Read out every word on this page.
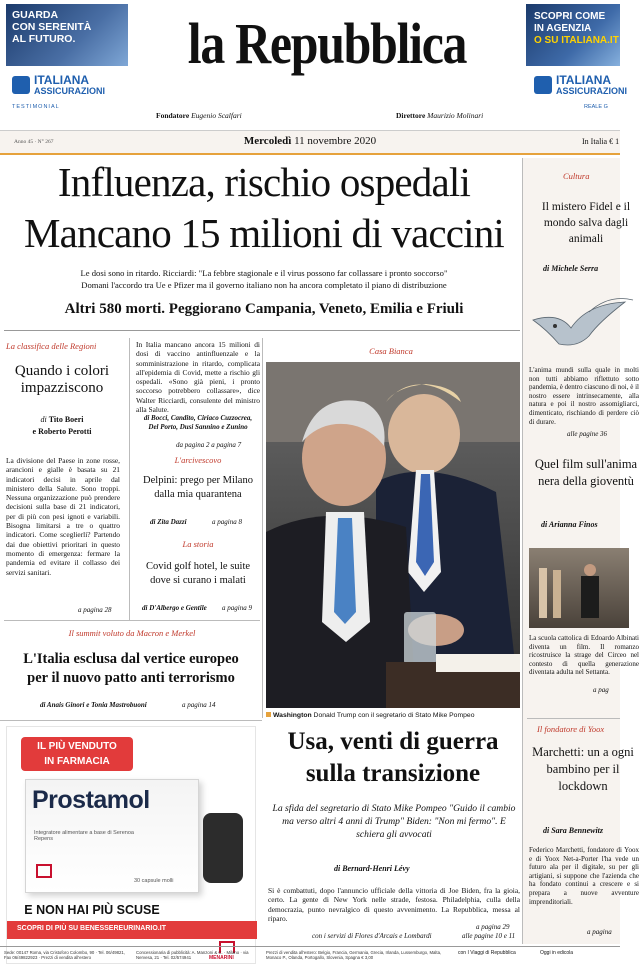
GUARDA
CON SERENITÀ
AL FUTURO.
ITALIANA
ASSICURAZIONI
TESTIMONIAL
SCOPRI COME
IN AGENZIA
O SU ITALIANA.IT
ITALIANA
ASSICURAZIONI
REALE G
la Repubblica
Fondatore Eugenio Scalfari	Direttore Maurizio Molinari
Anno 45 · N° 267	Mercoledì 11 novembre 2020	In Italia € 1
Influenza, rischio ospedali
Mancano 15 milioni di vaccini
Le dosi sono in ritardo. Ricciardi: "La febbre stagionale e il virus possono far collassare i pronto soccorso"
Domani l'accordo tra Ue e Pfizer ma il governo italiano non ha ancora completato il piano di distribuzione
Altri 580 morti. Peggiorano Campania, Veneto, Emilia e Friuli
La classifica delle Regioni
Quando i colori impazziscono
di Tito Boeri
e Roberto Perotti
La divisione del Paese in zone rosse, arancioni e gialle è basata su 21 indicatori decisi in aprile dal ministero della Salute. Sono troppi. Nessuna organizzazione può prendere decisioni sulla base di 21 indicatori, per di più con pesi ignoti e variabili. Bisogna limitarsi a tre o quattro indicatori. Come sceglierli? Partendo dai due obiettivi prioritari in questo momento di emergenza: fermare la pandemia ed evitare il collasso dei servizi sanitari.
a pagina 28
In Italia mancano ancora 15 milioni di dosi di vaccino antinfluenzale e la somministrazione in ritardo, complicata all'epidemia di Covid, mette a rischio gli ospedali. «Sono già pieni, i pronto soccorso potrebbero collassare», dice Walter Ricciardi, consulente del ministro alla Salute.
di Bocci, Candito, Ciriaco Cuzzocrea, Del Porto, Dusi Sannino e Zunino
da pagina 2 a pagina 7
L'arcivescovo
Delpini: prego per Milano dalla mia quarantena
di Zita Dazzi	a pagina 8
La storia
Covid golf hotel, le suite dove si curano i malati
di D'Albergo e Gentile a pagina 9
Il summit voluto da Macron e Merkel
L'Italia esclusa dal vertice europeo
per il nuovo patto anti terrorismo
di Anais Ginori e Tonia Mastrobuoni	a pagina 14
Casa Bianca
Washington Donald Trump con il segretario di Stato Mike Pompeo
IL PIÙ VENDUTO
IN FARMACIA
Prostamol
Integratore alimentare a base di Serenoa Repens
30 capsule molli
E NON HAI PIÙ SCUSE
SCOPRI DI PIÙ SU BENESSEREURINARIO.IT
MENARINI
Usa, venti di guerra
sulla transizione
La sfida del segretario di Stato Mike Pompeo "Guido il cambio ma verso altri 4 anni di Trump" Biden: "Non mi fermo". E schiera gli avvocati
di Bernard-Henri Lévy
Si è combattuti, dopo l'annuncio ufficiale della vittoria di Joe Biden, fra la gioia, certo. La gente di New York nelle strade, festosa. Philadelphia, culla della democrazia, punto nevralgico di questo avvenimento. La Repubblica, messa al riparo.
a pagina 29
con i servizi di Flores d'Arcais e Lombardi	alle pagine 10 e 11
Cultura
Il mistero Fidel e il mondo salva dagli animali
di Michele Serra
L'anima mundi sulla quale in molti non tutti abbiamo riflettuto sotto pandemia, è dentro ciascuno di noi, è il nostro essere intrinsecamente, alla natura e poi il nostro assomigliarci, dimenticato, rischiando di perdere ciò di durare.
alle pagine 36
Quel film sull'anima nera della gioventù
di Arianna Finos
La scuola cattolica di Edoardo Albinati diventa un film. Il romanzo ricostruisce la strage del Circeo nel contesto di quella generazione diventata adulta nel Settanta.
a pag
Il fondatore di Yoox
Marchetti: un a ogni bambino per il lockdown
di Sara Bennewitz
Federico Marchetti, fondatore di Yoox e di Yoox Net-a-Porter l'ha vede un futuro ala per il digitale, su per gli artigiani, si suppone che l'azienda che ha fondato continui a crescere e si prepara a nuove avventure imprenditoriali.
a pagina
Sede: 00147 Roma, via Cristoforo Colombo, 90 · Tel. 06/49821, Fax 06/49822923 · Prezzi di vendita all'estero
Concessionaria di pubblicità: A. Manzoni & C. · Milano · via Nervesa, 21 · Tel. 02/574941
Prezzi di vendita all'estero: Belgio, Francia, Germania, Grecia, Irlanda, Lussemburgo, Malta, Monaco P., Olanda, Portogallo, Slovenia, Spagna € 3,00
con I Viaggi di Repubblica	Oggi in edicola
